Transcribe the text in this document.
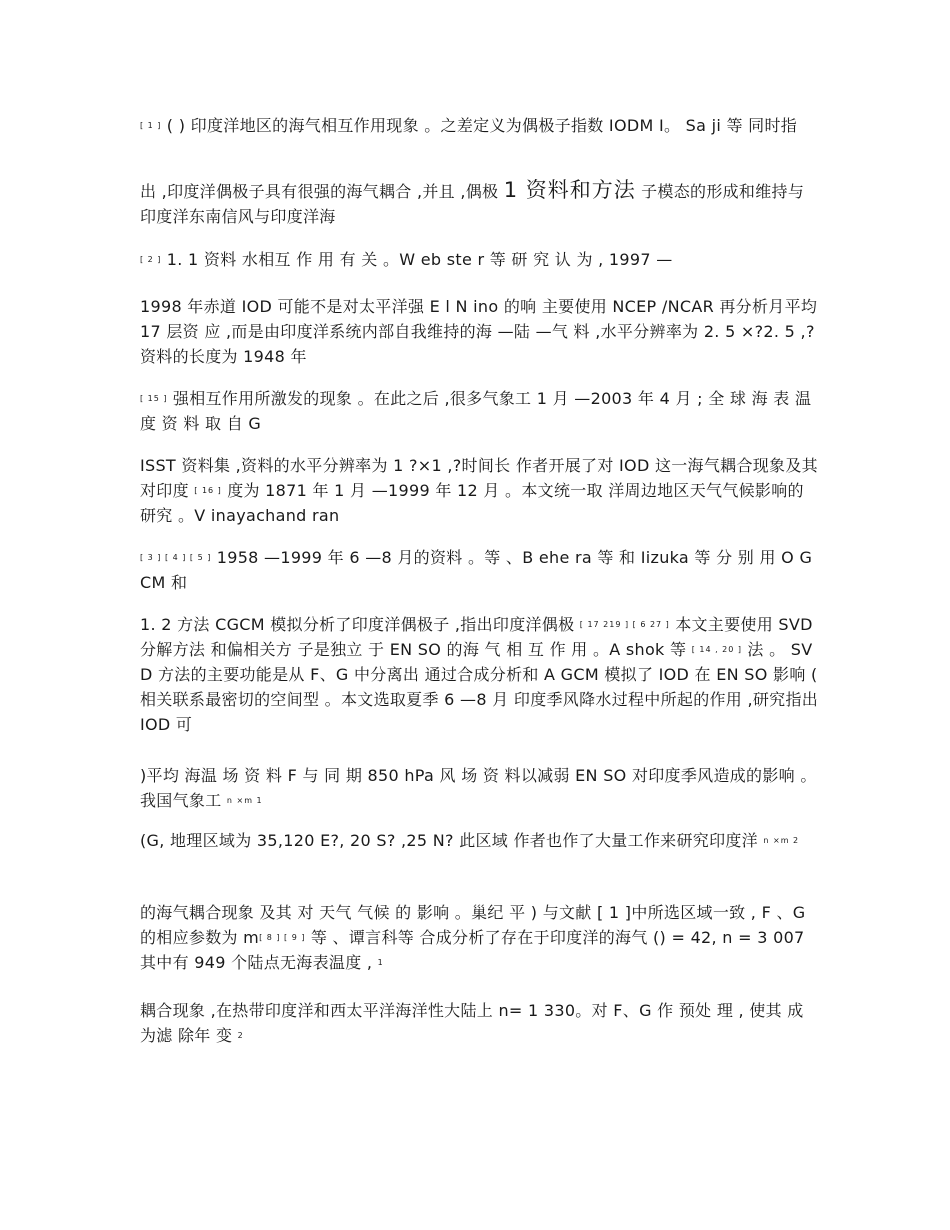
[ 1 ] ( ) 印度洋地区的海气相互作用现象 。之差定义为偶极子指数 IODM I。 Sa ji 等 同时指
出 ,印度洋偶极子具有很强的海气耦合 ,并且 ,偶极 1 资料和方法 子模态的形成和维持与印度洋东南信风与印度洋海
[ 2 ] 1. 1 资料 水相互 作 用 有 关 。W eb ste r 等 研 究 认 为 , 1997 —
1998 年赤道 IOD 可能不是对太平洋强 E l N ino 的响 主要使用 NCEP /NCAR 再分析月平均 17 层资 应 ,而是由印度洋系统内部自我维持的海 —陆 —气 料 ,水平分辨率为 2. 5 ×?2. 5 ,?资料的长度为 1948 年
[ 15 ] 强相互作用所激发的现象 。在此之后 ,很多气象工 1 月 —2003 年 4 月 ; 全 球 海 表 温 度 资 料 取 自 G
ISST 资料集 ,资料的水平分辨率为 1 ?×1 ,?时间长 作者开展了对 IOD 这一海气耦合现象及其对印度 [ 16 ] 度为 1871 年 1 月 —1999 年 12 月 。本文统一取 洋周边地区天气气候影响的研究 。V inayachand ran
[ 3 ] [ 4 ] [ 5 ] 1958 —1999 年 6 —8 月的资料 。等 、B ehe ra 等 和 Iizuka 等 分 别 用 O GCM 和
1. 2 方法 CGCM 模拟分析了印度洋偶极子 ,指出印度洋偶极 [ 17 219 ] [ 6 27 ] 本文主要使用 SVD 分解方法 和偏相关方 子是独立 于 EN SO 的海 气 相 互 作 用 。A shok 等 [ 14 , 20 ] 法 。 SVD 方法的主要功能是从 F、G 中分离出 通过合成分析和 A GCM 模拟了 IOD 在 EN SO 影响 ( 相关联系最密切的空间型 。本文选取夏季 6 —8 月 印度季风降水过程中所起的作用 ,研究指出 IOD 可
)平均 海温 场 资 料 F 与 同 期 850 hPa 风 场 资 料以减弱 EN SO 对印度季风造成的影响 。 我国气象工 n ×m 1
(G, 地理区域为 35,120 E?, 20 S? ,25 N? 此区域 作者也作了大量工作来研究印度洋 n ×m 2
的海气耦合现象 及其 对 天气 气候 的 影响 。巢纪 平 ) 与文献 [ 1 ]中所选区域一致 , F 、G 的相应参数为 m[ 8 ] [ 9 ] 等 、谭言科等 合成分析了存在于印度洋的海气 () = 42, n = 3 007 其中有 949 个陆点无海表温度 , 1
耦合现象 ,在热带印度洋和西太平洋海洋性大陆上 n= 1 330。对 F、G 作 预处 理 , 使其 成 为滤 除年 变 2
